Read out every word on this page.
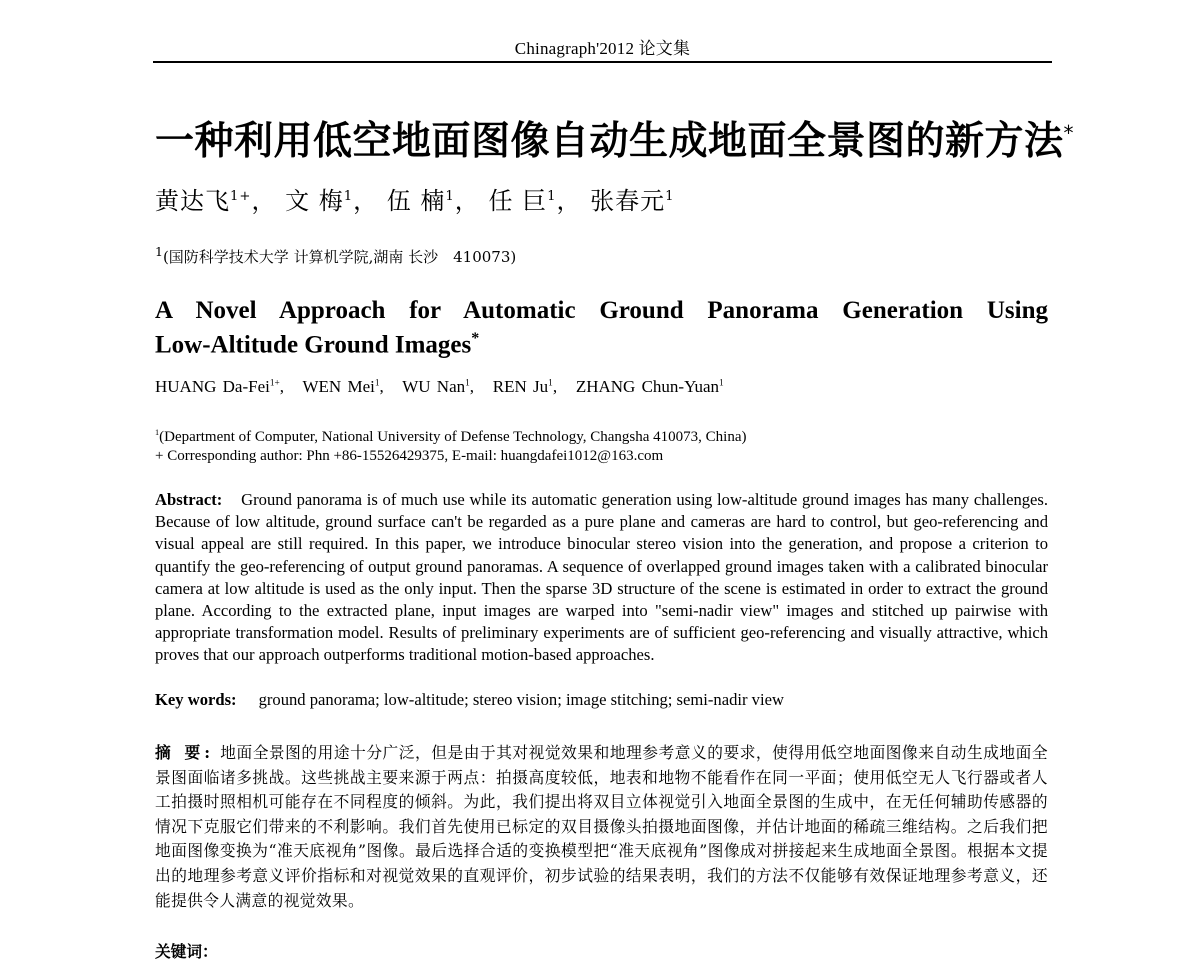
Chinagraph'2012 论文集
一种利用低空地面图像自动生成地面全景图的新方法*
黄达飞$^{1+}$， 文 梅$^1$， 伍 楠$^1$， 任 巨$^1$， 张春元$^1$
$^1$(国防科学技术大学 计算机学院,湖南 长沙　410073)
A Novel Approach for Automatic Ground Panorama Generation Using
Low-Altitude Ground Images*
HUANG Da-Fei$^{1+}$, WEN Mei$^1$, WU Nan$^1$, REN Ju$^1$, ZHANG Chun-Yuan$^1$
$^1$(Department of Computer, National University of Defense Technology, Changsha 410073, China)
+ Corresponding author: Phn +86-15526429375, E-mail: huangdafei1012@163.com
Abstract: Ground panorama is of much use while its automatic generation using low-altitude ground images has many challenges. Because of low altitude, ground surface can't be regarded as a pure plane and cameras are hard to control, but geo-referencing and visual appeal are still required. In this paper, we introduce binocular stereo vision into the generation, and propose a criterion to quantify the geo-referencing of output ground panoramas. A sequence of overlapped ground images taken with a calibrated binocular camera at low altitude is used as the only input. Then the sparse 3D structure of the scene is estimated in order to extract the ground plane. According to the extracted plane, input images are warped into "semi-nadir view" images and stitched up pairwise with appropriate transformation model. Results of preliminary experiments are of sufficient geo-referencing and visually attractive, which proves that our approach outperforms traditional motion-based approaches.
Key words: ground panorama; low-altitude; stereo vision; image stitching; semi-nadir view
摘 要: 地面全景图的用途十分广泛，但是由于其对视觉效果和地理参考意义的要求，使得用低空地面图像来自动生成地面全景图面临诸多挑战。这些挑战主要来源于两点：拍摄高度较低，地表和地物不能看作在同一平面；使用低空无人飞行器或者人工拍摄时照相机可能存在不同程度的倾斜。为此，我们提出将双目立体视觉引入地面全景图的生成中，在无任何辅助传感器的情况下克服它们带来的不利影响。我们首先使用已标定的双目摄像头拍摄地面图像，并估计地面的稀疏三维结构。之后我们把地面图像变换为“准天底视角”图像。最后选择合适的变换模型把“准天底视角”图像成对拼接起来生成地面全景图。根据本文提出的地理参考意义评价指标和对视觉效果的直观评价，初步试验的结果表明，我们的方法不仅能够有效保证地理参考意义，还能提供令人满意的视觉效果。
关键词：
